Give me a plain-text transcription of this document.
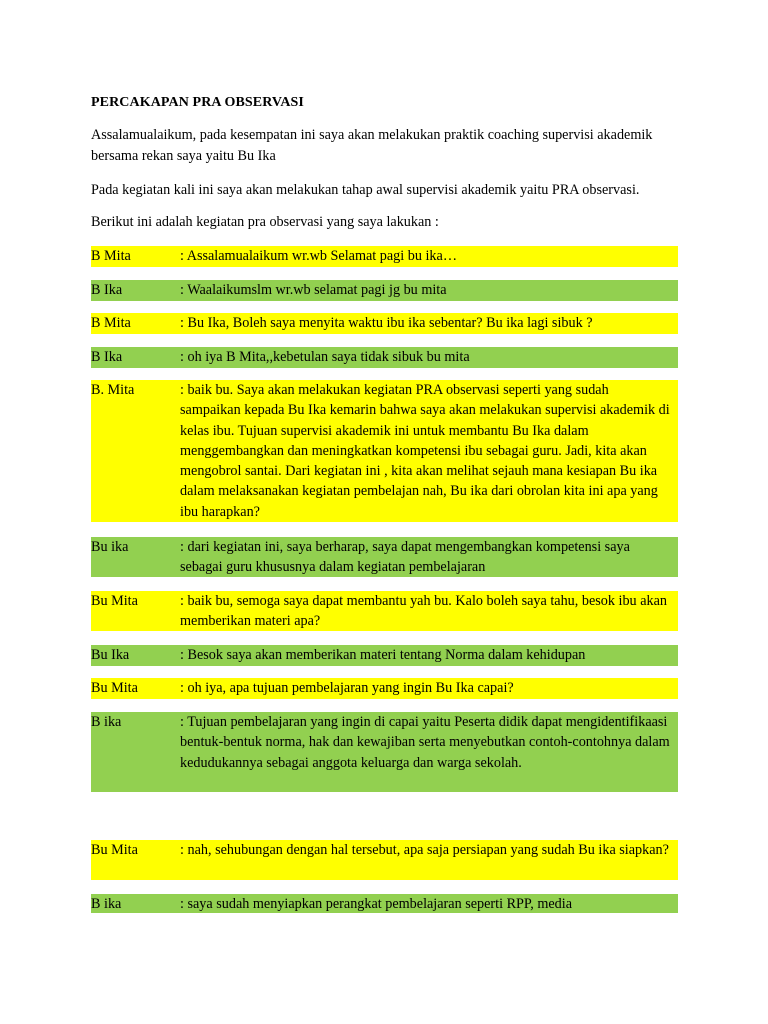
PERCAKAPAN PRA OBSERVASI
Assalamualaikum, pada kesempatan ini saya akan melakukan praktik coaching supervisi akademik bersama rekan saya yaitu Bu Ika
Pada kegiatan kali ini saya akan melakukan tahap awal supervisi akademik yaitu PRA observasi.
Berikut ini adalah kegiatan pra observasi yang saya lakukan :
B Mita	: Assalamualaikum wr.wb Selamat pagi bu ika…
B Ika	: Waalaikumslm wr.wb selamat pagi jg bu mita
B Mita	: Bu Ika, Boleh saya menyita waktu ibu ika sebentar? Bu ika lagi sibuk ?
B Ika	: oh iya B Mita,,kebetulan saya tidak sibuk bu mita
B. Mita	: baik bu. Saya akan melakukan kegiatan PRA observasi seperti yang sudah sampaikan kepada Bu Ika kemarin bahwa saya akan melakukan supervisi akademik di kelas ibu. Tujuan supervisi akademik ini untuk membantu Bu Ika dalam menggembangkan dan meningkatkan kompetensi ibu sebagai guru. Jadi, kita akan mengobrol santai. Dari kegiatan ini , kita akan melihat sejauh mana kesiapan Bu ika dalam melaksanakan kegiatan pembelajan nah, Bu ika dari obrolan kita ini apa yang ibu harapkan?
Bu ika	: dari kegiatan ini, saya berharap, saya dapat mengembangkan kompetensi saya sebagai guru khususnya dalam kegiatan pembelajaran
Bu Mita	: baik bu, semoga saya dapat membantu yah bu. Kalo boleh saya tahu, besok ibu akan memberikan materi apa?
Bu Ika	: Besok saya akan memberikan materi tentang Norma dalam kehidupan
Bu Mita	: oh iya, apa tujuan pembelajaran yang ingin Bu Ika capai?
B ika	: Tujuan pembelajaran yang ingin di capai yaitu Peserta didik dapat mengidentifikaasi bentuk-bentuk norma, hak dan kewajiban serta menyebutkan contoh-contohnya dalam kedudukannya sebagai anggota keluarga dan warga sekolah.
Bu Mita	: nah, sehubungan dengan hal tersebut, apa saja persiapan yang sudah Bu ika siapkan?
B ika	: saya sudah menyiapkan perangkat pembelajaran seperti RPP, media
